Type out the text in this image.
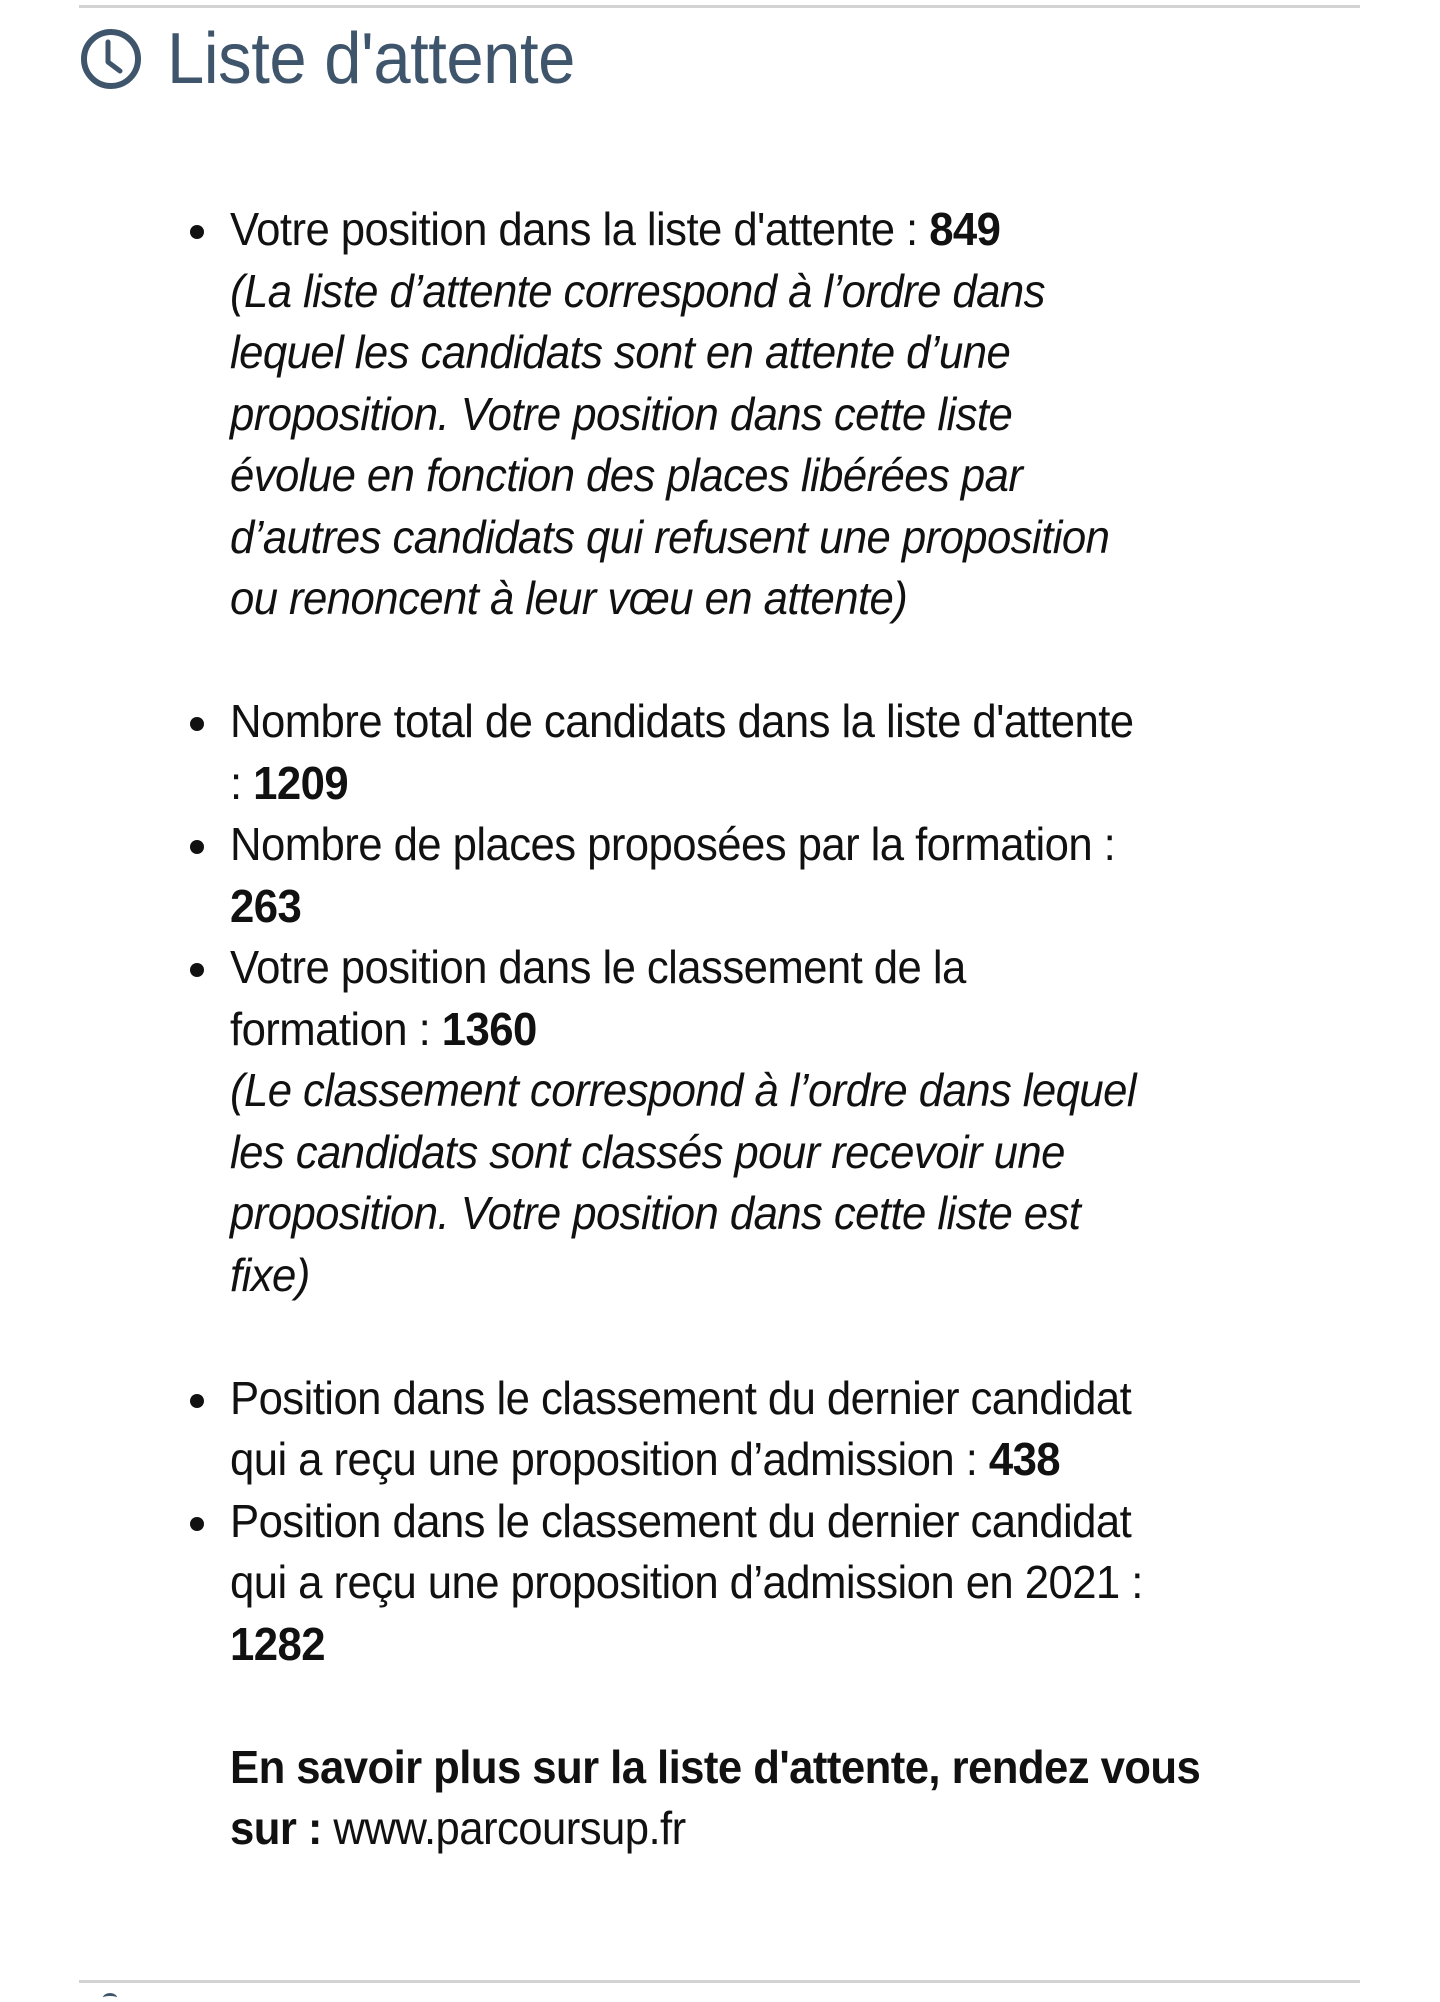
Liste d'attente
Votre position dans la liste d'attente : 849
(La liste d’attente correspond à l’ordre dans
lequel les candidats sont en attente d’une
proposition. Votre position dans cette liste
évolue en fonction des places libérées par
d’autres candidats qui refusent une proposition
ou renoncent à leur vœu en attente)
Nombre total de candidats dans la liste d'attente
: 1209
Nombre de places proposées par la formation :
263
Votre position dans le classement de la
formation : 1360
(Le classement correspond à l’ordre dans lequel
les candidats sont classés pour recevoir une
proposition. Votre position dans cette liste est
fixe)
Position dans le classement du dernier candidat
qui a reçu une proposition d’admission : 438
Position dans le classement du dernier candidat
qui a reçu une proposition d’admission en 2021 :
1282
En savoir plus sur la liste d'attente, rendez vous
sur : www.parcoursup.fr
